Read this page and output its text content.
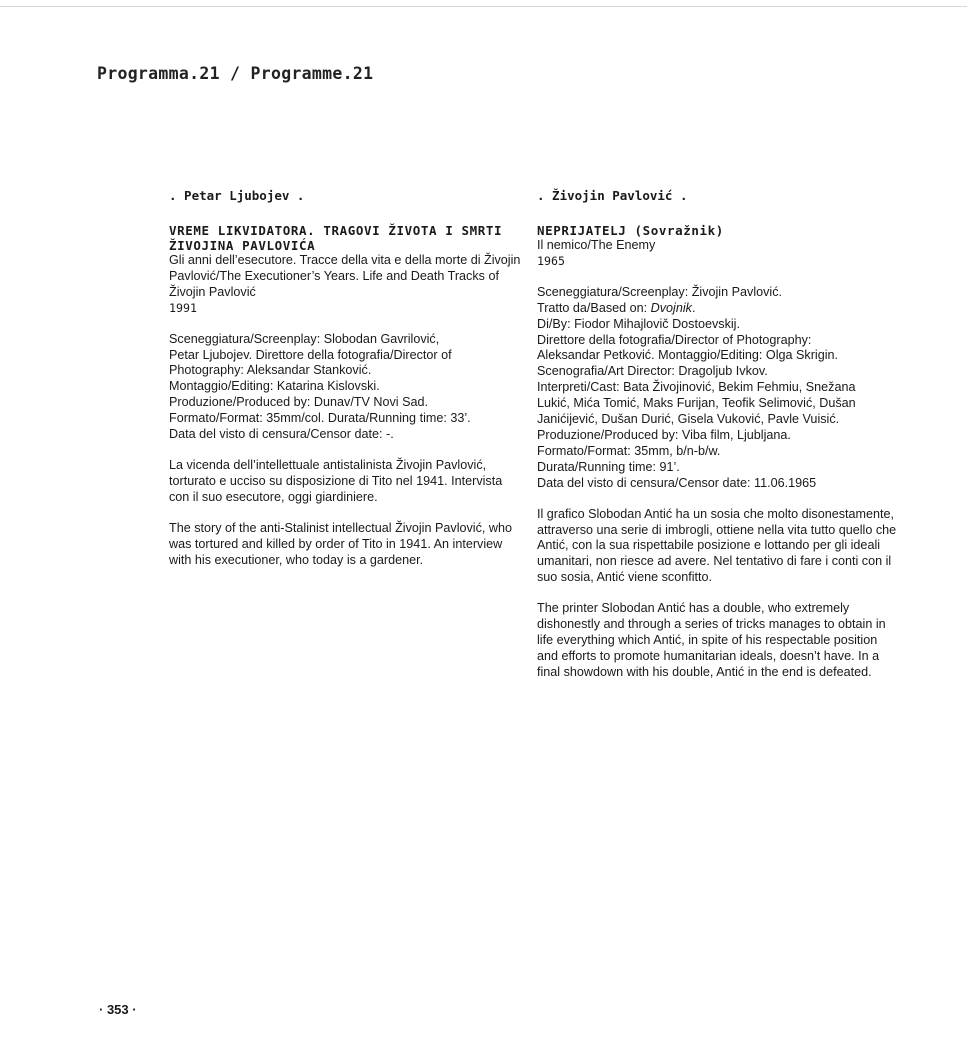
Programma.21 / Programme.21
. Petar Ljubojev .

VREME LIKVIDATORA. TRAGOVI ŽIVOTA I SMRTI ŽIVOJINA PAVLOVIĆA

Gli anni dell’esecutore. Tracce della vita e della morte di Živojin Pavlović/The Executioner’s Years. Life and Death Tracks of Živojin Pavlović

1991

Sceneggiatura/Screenplay: Slobodan Gavrilović,

Petar Ljubojev. Direttore della fotografia/Director of

Photography: Aleksandar Stanković.

Montaggio/Editing: Katarina Kislovski.

Produzione/Produced by: Dunav/TV Novi Sad.

Formato/Format: 35mm/col. Durata/Running time: 33’.

Data del visto di censura/Censor date: -.

La vicenda dell’intellettuale antistalinista Živojin Pavlović, torturato e ucciso su disposizione di Tito nel 1941. Intervista con il suo esecutore, oggi giardiniere.

The story of the anti-Stalinist intellectual Živojin Pavlović, who was tortured and killed by order of Tito in 1941. An interview with his executioner, who today is a gardener.

. Živojin Pavlović .

NEPRIJATELJ (Sovražnik)

Il nemico/The Enemy

1965

Sceneggiatura/Screenplay: Živojin Pavlović.

Tratto da/Based on: Dvojnik.

Di/By: Fiodor Mihajlovič Dostoevskij.

Direttore della fotografia/Director of Photography:

Aleksandar Petković. Montaggio/Editing: Olga Skrigin.

Scenografia/Art Director: Dragoljub Ivkov.

Interpreti/Cast: Bata Živojinović, Bekim Fehmiu, Snežana

Lukić, Mića Tomić, Maks Furijan, Teofik Selimović, Dušan

Janićijević, Dušan Durić, Gisela Vuković, Pavle Vuisić.

Produzione/Produced by: Viba film, Ljubljana.

Formato/Format: 35mm, b/n-b/w.

Durata/Running time: 91’.

Data del visto di censura/Censor date: 11.06.1965

Il grafico Slobodan Antić ha un sosia che molto disonestamente, attraverso una serie di imbrogli, ottiene nella vita tutto quello che Antić, con la sua rispettabile posizione e lottando per gli ideali umanitari, non riesce ad avere. Nel tentativo di fare i conti con il suo sosia, Antić viene sconfitto.

The printer Slobodan Antić has a double, who extremely dishonestly and through a series of tricks manages to obtain in life everything which Antić, in spite of his respectable position and efforts to promote humanitarian ideals, doesn’t have. In a final showdown with his double, Antić in the end is defeated.

· 353 ·
